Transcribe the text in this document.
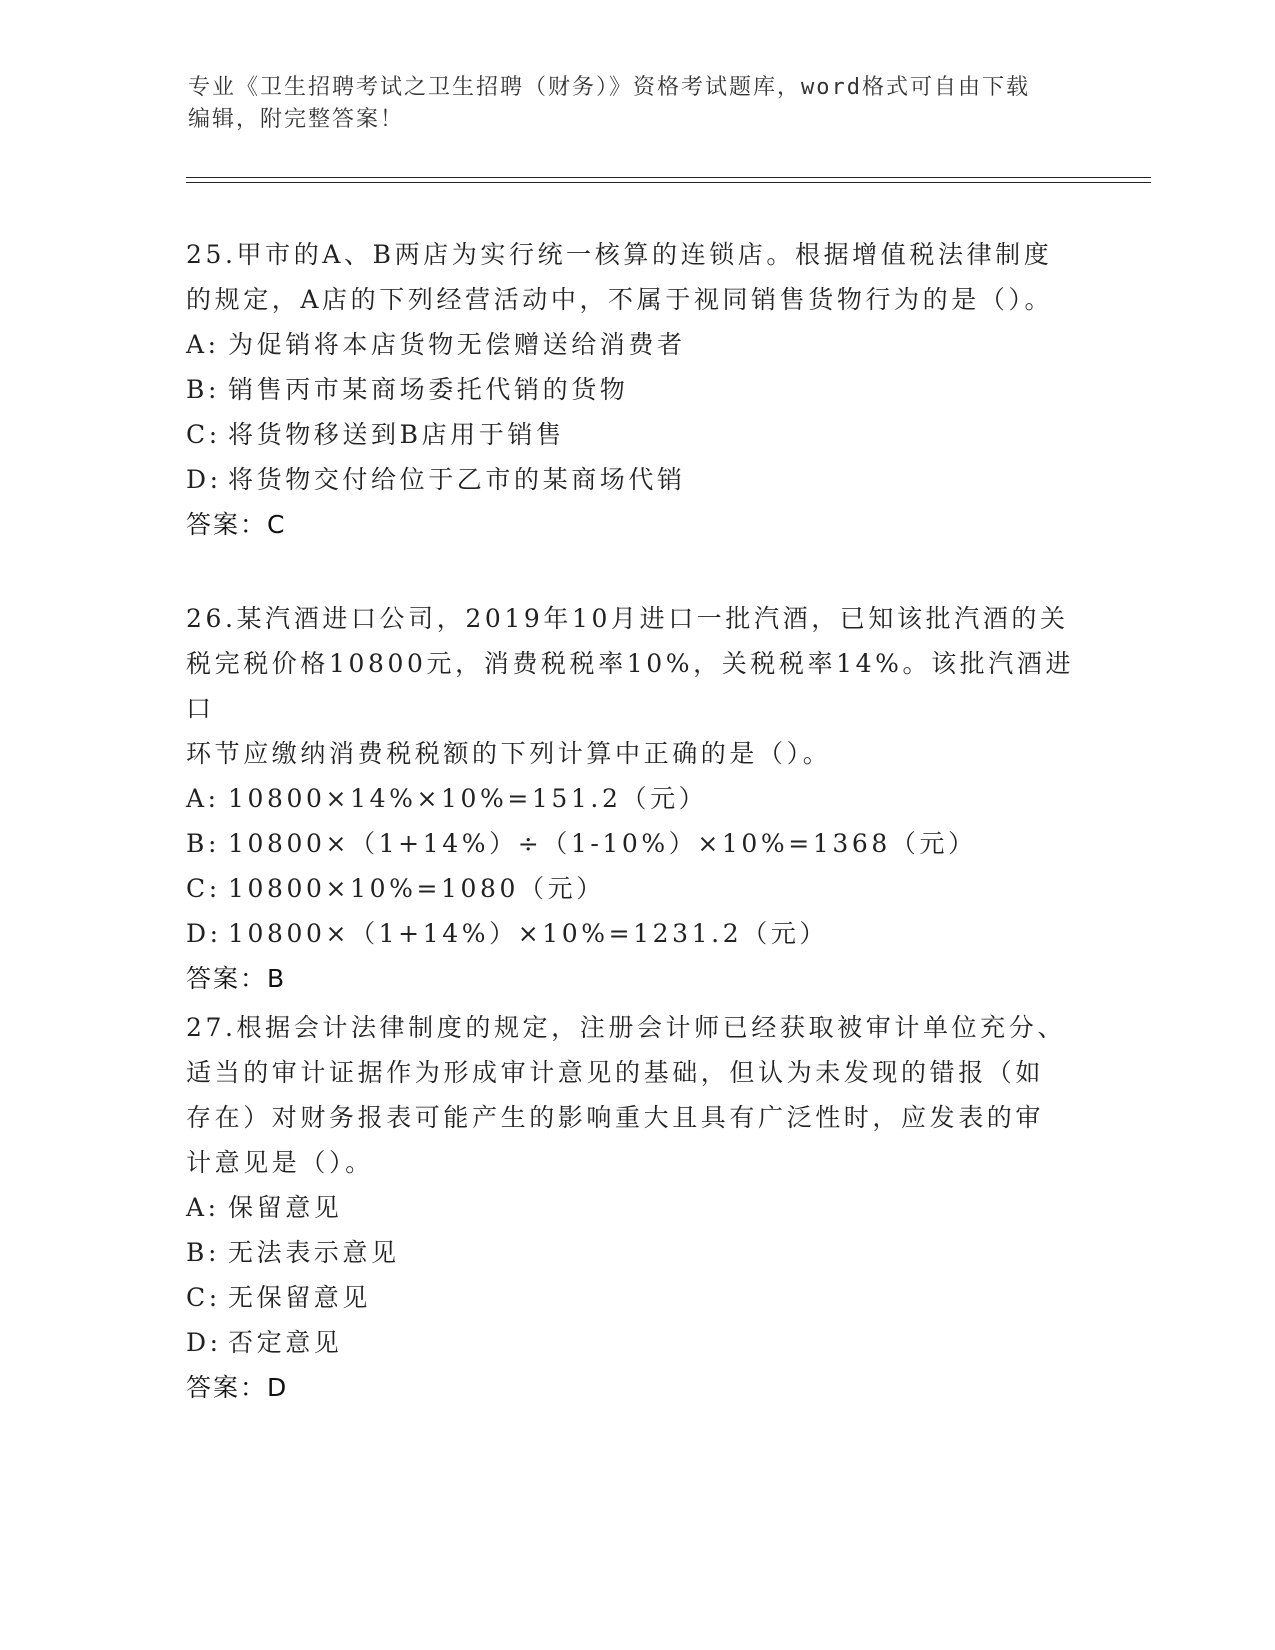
专业《卫生招聘考试之卫生招聘（财务）》资格考试题库，word格式可自由下载
编辑，附完整答案！
25.甲市的A、B两店为实行统一核算的连锁店。根据增值税法律制度
的规定，A店的下列经营活动中，不属于视同销售货物行为的是（）。
A: 为促销将本店货物无偿赠送给消费者
B: 销售丙市某商场委托代销的货物
C: 将货物移送到B店用于销售
D: 将货物交付给位于乙市的某商场代销
答案：C
26.某汽酒进口公司，2019年10月进口一批汽酒，已知该批汽酒的关
税完税价格10800元，消费税税率10%，关税税率14%。该批汽酒进口
环节应缴纳消费税税额的下列计算中正确的是（）。
A: 10800×14%×10%=151.2（元）
B: 10800×（1+14%）÷（1-10%）×10%=1368（元）
C: 10800×10%=1080（元）
D: 10800×（1+14%）×10%=1231.2（元）
答案：B
27.根据会计法律制度的规定，注册会计师已经获取被审计单位充分、
适当的审计证据作为形成审计意见的基础，但认为未发现的错报（如
存在）对财务报表可能产生的影响重大且具有广泛性时，应发表的审
计意见是（）。
A: 保留意见
B: 无法表示意见
C: 无保留意见
D: 否定意见
答案：D
